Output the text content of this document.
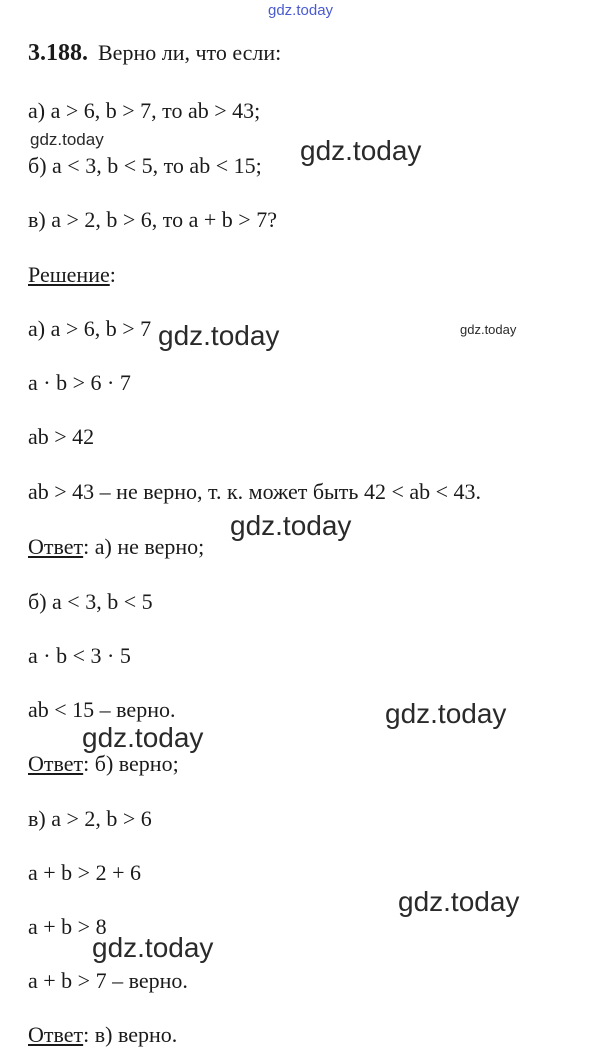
gdz.today
gdz.today	gdz.today
gdz.today	gdz.today
gdz.today
gdz.today
gdz.today
gdz.today
gdz.today
3.188. Верно ли, что если:
а) a > 6, b > 7, то ab > 43;
б) a < 3, b < 5, то ab < 15;
в) a > 2, b > 6, то a + b > 7?
Решение:
а) a > 6, b > 7
a · b > 6 · 7
ab > 42
ab > 43 – не верно, т. к. может быть 42 < ab < 43.
Ответ: а) не верно;
б) a < 3, b < 5
a · b < 3 · 5
ab < 15 – верно.
Ответ: б) верно;
в) a > 2, b > 6
a + b > 2 + 6
a + b > 8
a + b > 7 – верно.
Ответ: в) верно.
